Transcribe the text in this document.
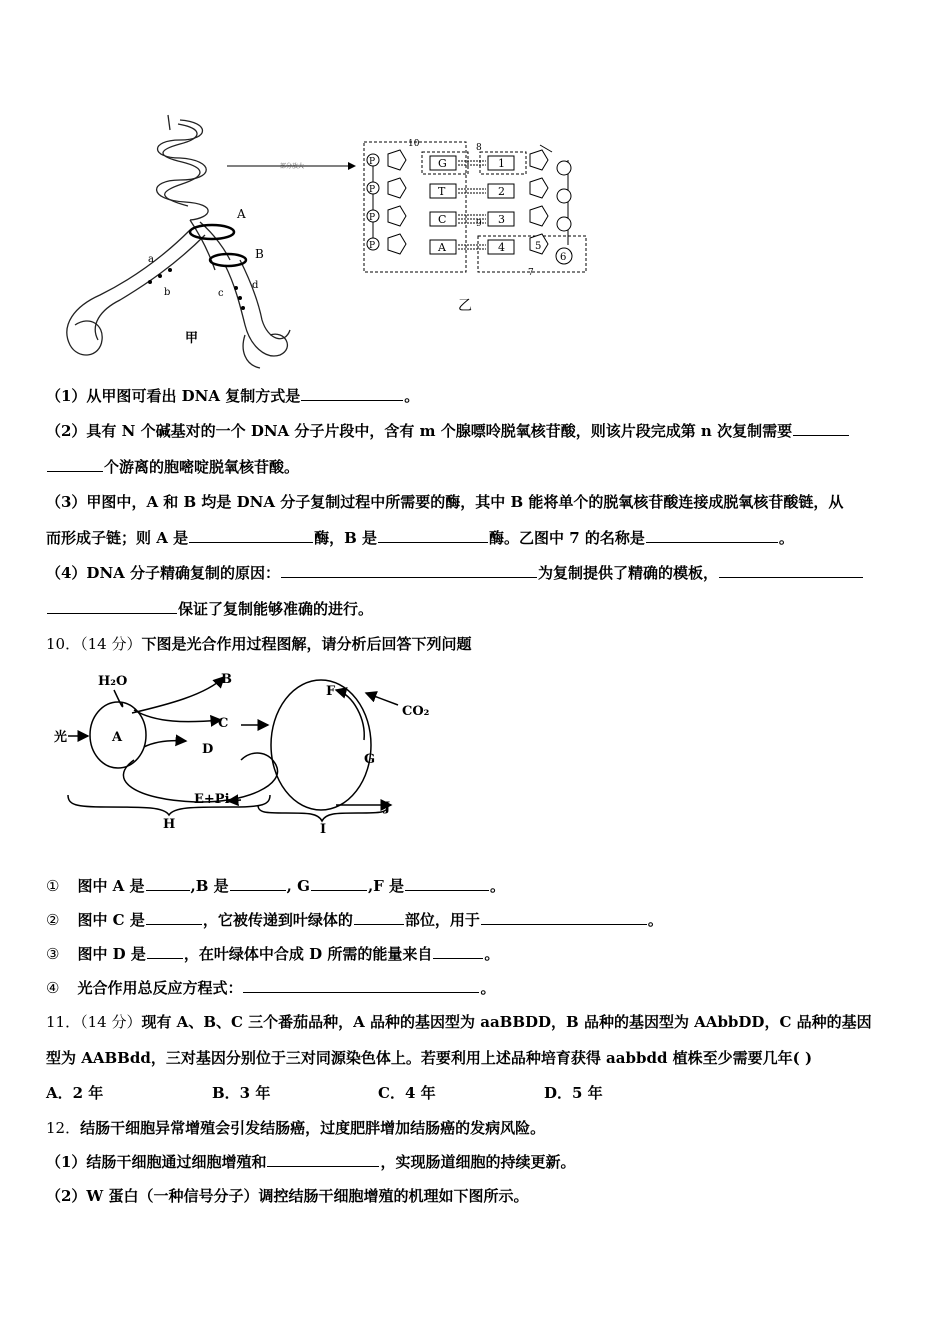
A
B
a
b	c
d
甲
部分放大
10	8
7
9
P	G	1
P	T	2
P	C	3
P	A	4	5
6
乙
（1）从甲图可看出 DNA 复制方式是	。
（2）具有 N 个碱基对的一个 DNA 分子片段中，含有 m 个腺嘌呤脱氧核苷酸，则该片段完成第 n 次复制需要
个游离的胞嘧啶脱氧核苷酸。
（3）甲图中，A 和 B 均是 DNA 分子复制过程中所需要的酶，其中 B 能将单个的脱氧核苷酸连接成脱氧核苷酸链，从
而形成子链；则 A 是	酶，B 是	酶。乙图中 7 的名称是	。
（4）DNA 分子精确复制的原因：	为复制提供了精确的模板，
保证了复制能够准确的进行。
10．（14 分）下图是光合作用过程图解，请分析后回答下列问题
H₂O	B
光	A
C
D
E+Pi
F
CO₂
G
J
H	I
① 图中 A 是	,B 是	, G	,F 是	。
② 图中 C 是	，它被传递到叶绿体的	部位，用于	。
③ 图中 D 是	，在叶绿体中合成 D 所需的能量来自	。
④ 光合作用总反应方程式：	。
11．（14 分）现有 A、B、C 三个番茄品种，A 品种的基因型为 aaBBDD，B 品种的基因型为 AAbbDD，C 品种的基因
型为 AABBdd，三对基因分别位于三对同源染色体上。若要利用上述品种培育获得 aabbdd 植株至少需要几年( )
A．2 年	B．3 年	C．4 年	D．5 年
12．结肠干细胞异常增殖会引发结肠癌，过度肥胖增加结肠癌的发病风险。
（1）结肠干细胞通过细胞增殖和	，实现肠道细胞的持续更新。
（2）W 蛋白（一种信号分子）调控结肠干细胞增殖的机理如下图所示。
